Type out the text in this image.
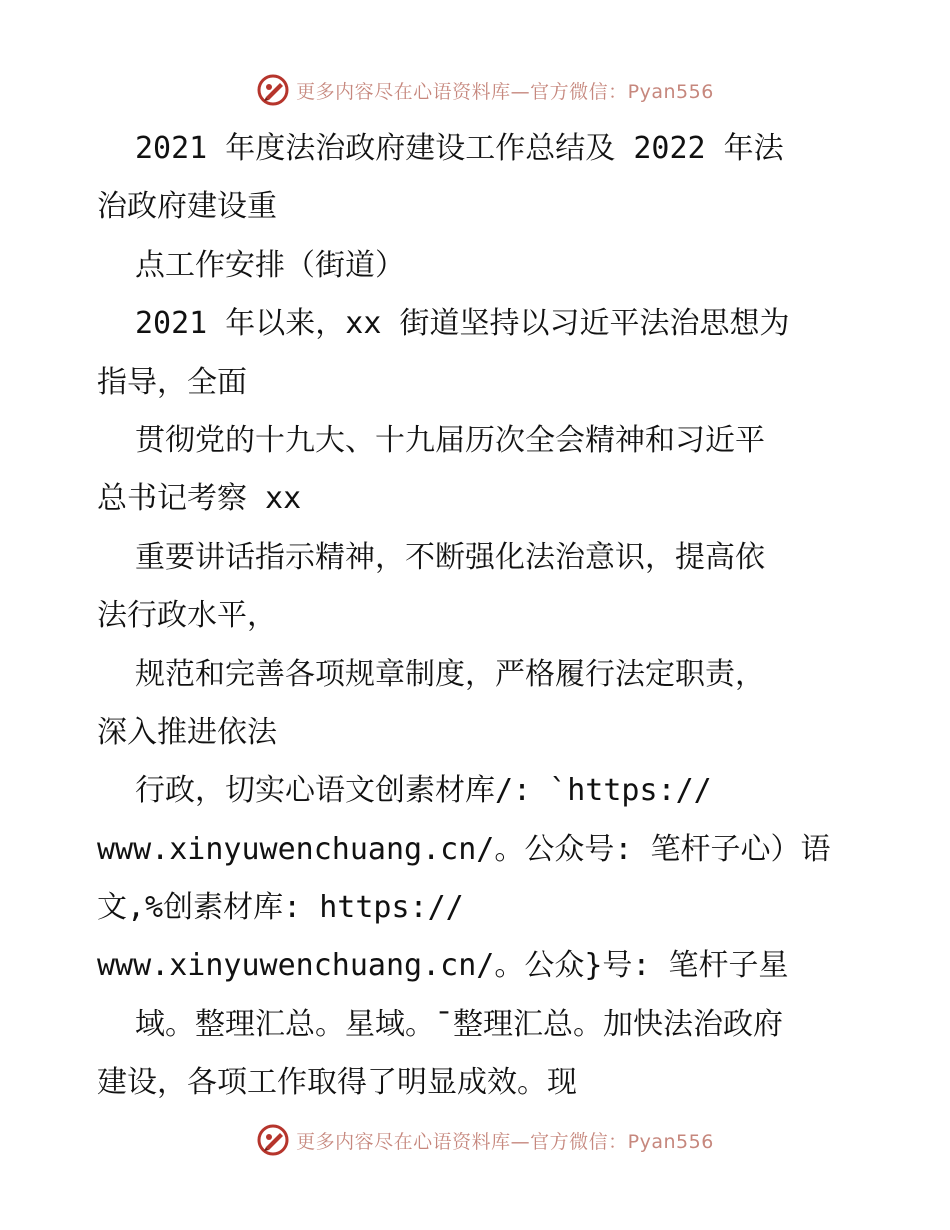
更多内容尽在心语资料库—官方微信：Pyan556
2021 年度法治政府建设工作总结及 2022 年法
治政府建设重
点工作安排（街道）
2021 年以来，xx 街道坚持以习近平法治思想为
指导，全面
贯彻党的十九大、十九届历次全会精神和习近平
总书记考察 xx
重要讲话指示精神，不断强化法治意识，提高依
法行政水平，
规范和完善各项规章制度，严格履行法定职责，
深入推进依法
行政，切实心语文创素材库/: `https://
www.xinyuwenchuang.cn/。公众号: 笔杆子心）语
文,%创素材库: https://
www.xinyuwenchuang.cn/。公众}号: 笔杆子星
域。整理汇总。星域。¯整理汇总。加快法治政府
建设，各项工作取得了明显成效。现
更多内容尽在心语资料库—官方微信：Pyan556
